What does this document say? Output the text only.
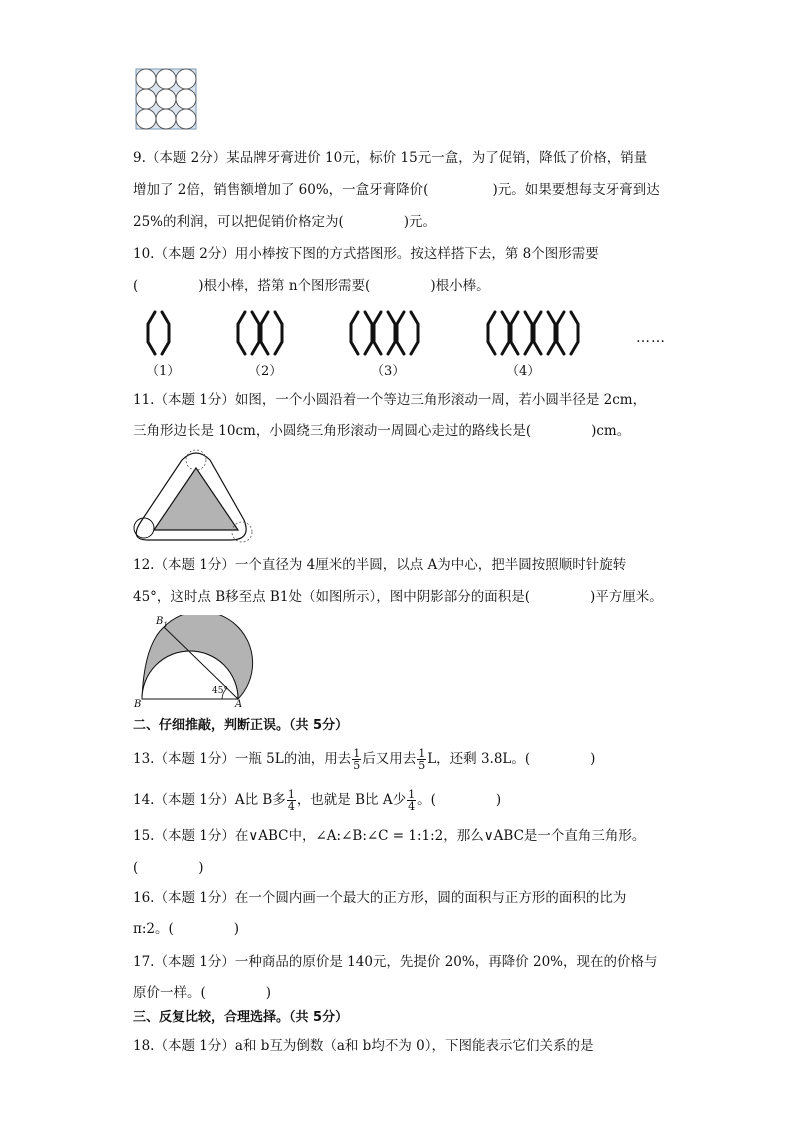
9.（本题 2分）某品牌牙膏进价 10元，标价 15元一盒，为了促销，降低了价格，销量
增加了 2倍，销售额增加了 60%，一盒牙膏降价(	)元。如果要想每支牙膏到达
25%的利润，可以把促销价格定为(	)元。
10.（本题 2分）用小棒按下图的方式搭图形。按这样搭下去，第 8个图形需要
(	)根小棒，搭第 n个图形需要(	)根小棒。
（1）	（2）	（3）	（4）
……
11.（本题 1分）如图，一个小圆沿着一个等边三角形滚动一周，若小圆半径是 2cm，
三角形边长是 10cm，小圆绕三角形滚动一周圆心走过的路线长是(	)cm。
12.（本题 1分）一个直径为 4厘米的半圆，以点 A为中心，把半圆按照顺时针旋转
45°，这时点 B移至点 B1处（如图所示），图中阴影部分的面积是(	)平方厘米。
$B_1$
B	A
45°
二、仔细推敲，判断正误。（共 5分）
13.（本题 1分）一瓶 5L的油，用去 $\frac{1}{5}$ 后又用去 $\frac{1}{5}$ L，还剩 3.8L。(	)
14.（本题 1分）A比 B多 $\frac{1}{4}$ ，也就是 B比 A少 $\frac{1}{4}$ 。(	)
15.（本题 1分）在∨ABC中，∠A:∠B:∠C = 1:1:2，那么∨ABC是一个直角三角形。
(	)
16.（本题 1分）在一个圆内画一个最大的正方形，圆的面积与正方形的面积的比为
π:2。(	)
17.（本题 1分）一种商品的原价是 140元，先提价 20%，再降价 20%，现在的价格与
原价一样。(	)
三、反复比较，合理选择。（共 5分）
18.（本题 1分）a和 b互为倒数（a和 b均不为 0），下图能表示它们关系的是
